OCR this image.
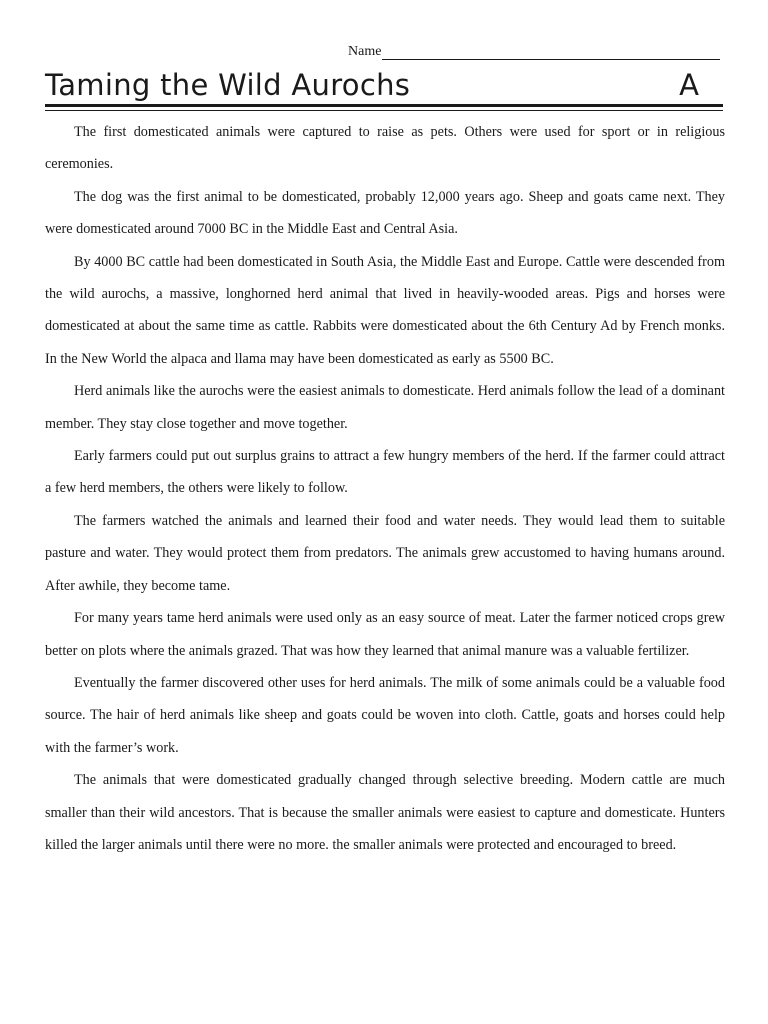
Name
Taming the Wild Aurochs	A

The first domesticated animals were captured to raise as pets. Others were used for sport or in religious ceremonies.

The dog was the first animal to be domesticated, probably 12,000 years ago. Sheep and goats came next. They were domesticated around 7000 BC in the Middle East and Central Asia.

By 4000 BC cattle had been domesticated in South Asia, the Middle East and Europe. Cattle were descended from the wild aurochs, a massive, longhorned herd animal that lived in heavily-wooded areas. Pigs and horses were domesticated at about the same time as cattle. Rabbits were domesticated about the 6th Century Ad by French monks. In the New World the alpaca and llama may have been domesticated as early as 5500 BC.

Herd animals like the aurochs were the easiest animals to domesticate. Herd animals follow the lead of a dominant member. They stay close together and move together.

Early farmers could put out surplus grains to attract a few hungry members of the herd. If the farmer could attract a few herd members, the others were likely to follow.

The farmers watched the animals and learned their food and water needs. They would lead them to suitable pasture and water. They would protect them from predators. The animals grew accustomed to having humans around. After awhile, they become tame.

For many years tame herd animals were used only as an easy source of meat. Later the farmer noticed crops grew better on plots where the animals grazed. That was how they learned that animal manure was a valuable fertilizer.

Eventually the farmer discovered other uses for herd animals. The milk of some animals could be a valuable food source. The hair of herd animals like sheep and goats could be woven into cloth. Cattle, goats and horses could help with the farmer’s work.

The animals that were domesticated gradually changed through selective breeding. Modern cattle are much smaller than their wild ancestors. That is because the smaller animals were easiest to capture and domesticate. Hunters killed the larger animals until there were no more. the smaller animals were protected and encouraged to breed.
